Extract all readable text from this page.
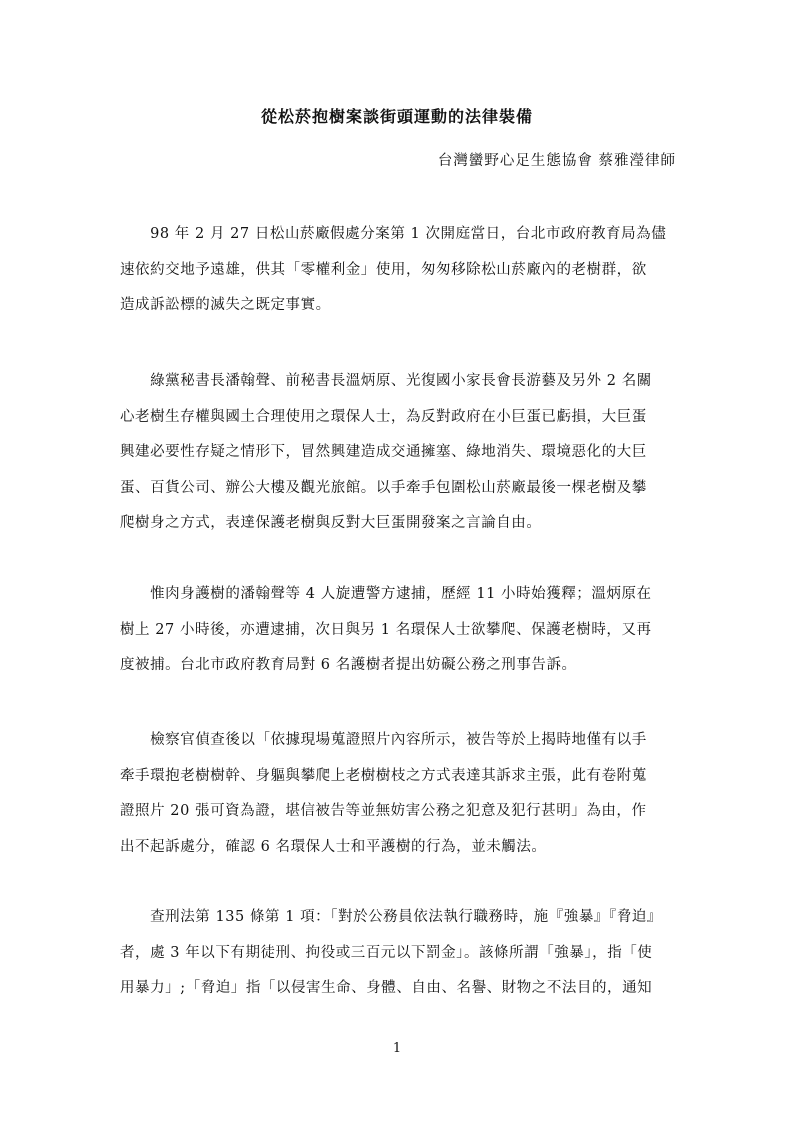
從松菸抱樹案談街頭運動的法律裝備
台灣蠻野心足生態協會 蔡雅瀅律師
　　98 年 2 月 27 日松山菸廠假處分案第 1 次開庭當日，台北市政府教育局為儘
速依約交地予遠雄，供其「零權利金」使用，匆匆移除松山菸廠內的老樹群，欲
造成訴訟標的滅失之既定事實。
　　綠黨秘書長潘翰聲、前秘書長溫炳原、光復國小家長會長游藝及另外 2 名關
心老樹生存權與國土合理使用之環保人士，為反對政府在小巨蛋已虧損，大巨蛋
興建必要性存疑之情形下，冒然興建造成交通擁塞、綠地消失、環境惡化的大巨
蛋、百貨公司、辦公大樓及觀光旅館。以手牽手包圍松山菸廠最後一棵老樹及攀
爬樹身之方式，表達保護老樹與反對大巨蛋開發案之言論自由。
　　惟肉身護樹的潘翰聲等 4 人旋遭警方逮捕，歷經 11 小時始獲釋；溫炳原在
樹上 27 小時後，亦遭逮捕，次日與另 1 名環保人士欲攀爬、保護老樹時，又再
度被捕。台北市政府教育局對 6 名護樹者提出妨礙公務之刑事告訴。
　　檢察官偵查後以「依據現場蒐證照片內容所示，被告等於上揭時地僅有以手
牽手環抱老樹樹幹、身軀與攀爬上老樹樹枝之方式表達其訴求主張，此有卷附蒐
證照片 20 張可資為證，堪信被告等並無妨害公務之犯意及犯行甚明」為由，作
出不起訴處分，確認 6 名環保人士和平護樹的行為，並未觸法。
　　查刑法第 135 條第 1 項：「對於公務員依法執行職務時，施『強暴』『脅迫』
者，處 3 年以下有期徒刑、拘役或三百元以下罰金」。該條所謂「強暴」，指「使
用暴力」;「脅迫」指「以侵害生命、身體、自由、名譽、財物之不法目的，通知
1
